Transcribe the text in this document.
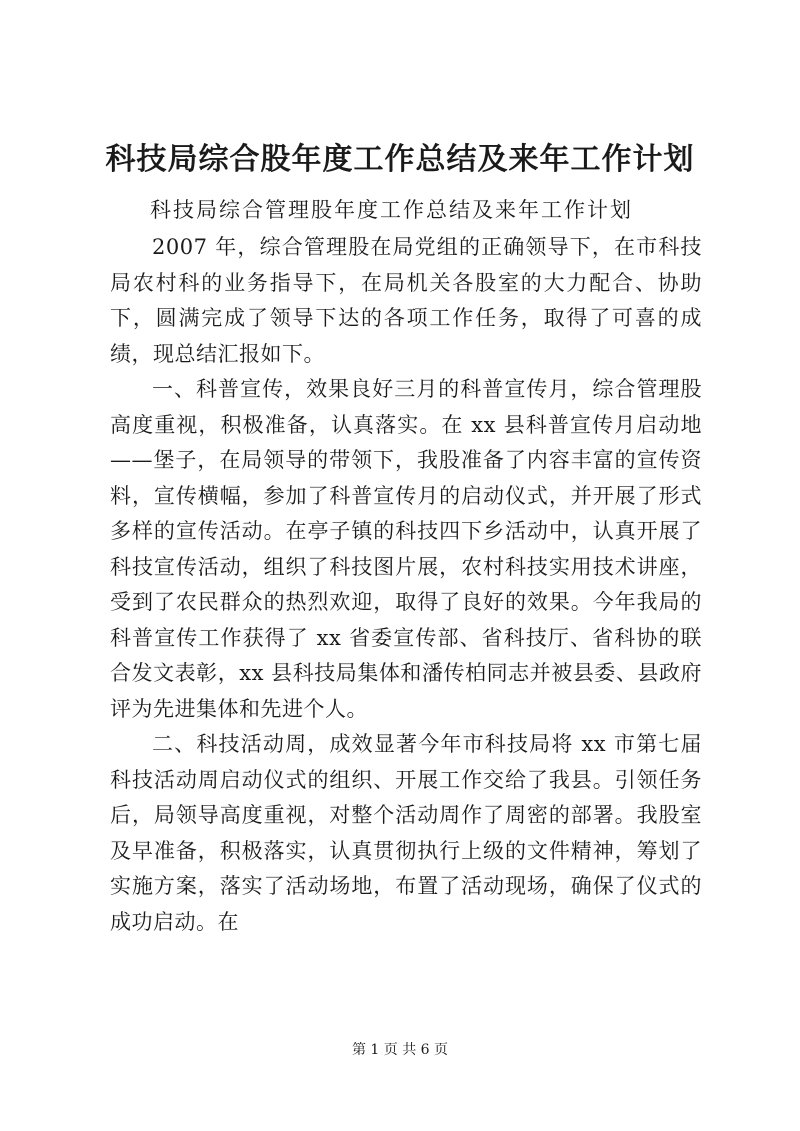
科技局综合股年度工作总结及来年工作计划
科技局综合管理股年度工作总结及来年工作计划

2007 年，综合管理股在局党组的正确领导下，在市科技局农村科的业务指导下，在局机关各股室的大力配合、协助下，圆满完成了领导下达的各项工作任务，取得了可喜的成绩，现总结汇报如下。

一、科普宣传，效果良好三月的科普宣传月，综合管理股高度重视，积极准备，认真落实。在 xx 县科普宣传月启动地——堡子，在局领导的带领下，我股准备了内容丰富的宣传资料，宣传横幅，参加了科普宣传月的启动仪式，并开展了形式多样的宣传活动。在亭子镇的科技四下乡活动中，认真开展了科技宣传活动，组织了科技图片展，农村科技实用技术讲座，受到了农民群众的热烈欢迎，取得了良好的效果。今年我局的科普宣传工作获得了 xx 省委宣传部、省科技厅、省科协的联合发文表彰，xx 县科技局集体和潘传柏同志并被县委、县政府评为先进集体和先进个人。

二、科技活动周，成效显著今年市科技局将 xx 市第七届科技活动周启动仪式的组织、开展工作交给了我县。引领任务后，局领导高度重视，对整个活动周作了周密的部署。我股室及早准备，积极落实，认真贯彻执行上级的文件精神，筹划了实施方案，落实了活动场地，布置了活动现场，确保了仪式的成功启动。在

第 1 页 共 6 页
